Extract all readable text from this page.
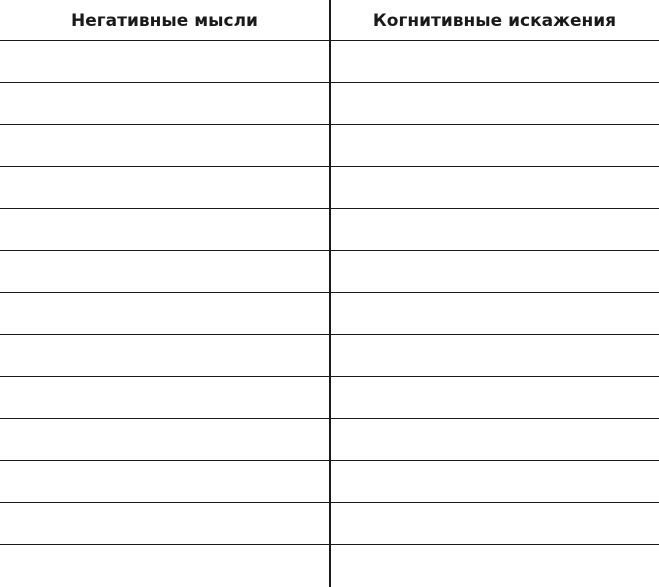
Негативные мысли	Когнитивные искажения
